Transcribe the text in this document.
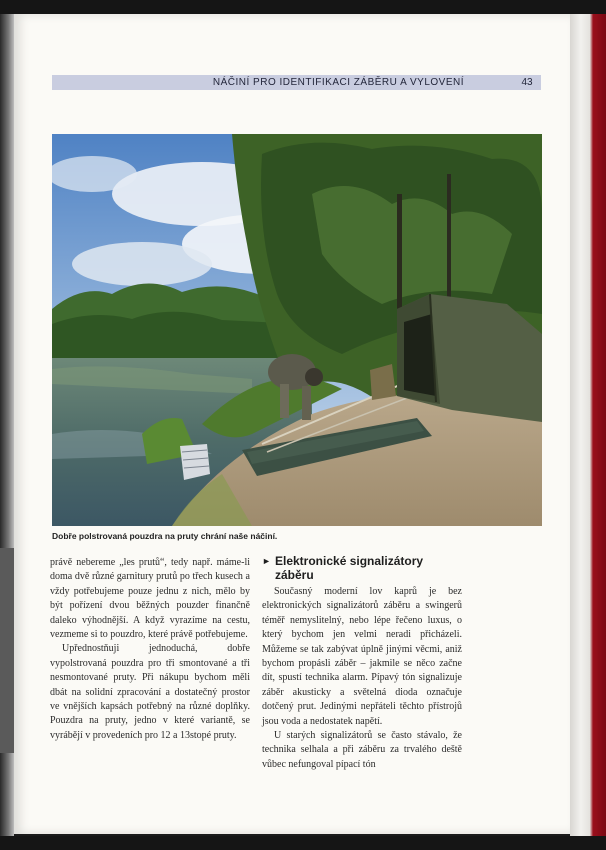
NÁČINÍ PRO IDENTIFIKACI ZÁBĚRU A VYLOVENÍ	43
Dobře polstrovaná pouzdra na pruty chrání naše náčiní.

právě nebereme „les prutů“, tedy např. máme-li doma dvě různé garnitury prutů po třech kusech a vždy potřebujeme pouze jednu z nich, mělo by být pořízení dvou běžných pouzder finančně daleko výhodnější. A když vyrazíme na cestu, vezmeme si to pouzdro, které právě potřebujeme.

Upřednostňuji jednoduchá, dobře vypolstrovaná pouzdra pro tři smontované a tři nesmontované pruty. Při nákupu bychom měli dbát na solidní zpracování a dostatečný prostor ve vnějších kapsách potřebný na různé doplňky. Pouzdra na pruty, jedno v které variantě, se vyrábějí v provedeních pro 12 a 13stopé pruty.

► Elektronické signalizátory záběru

Současný moderní lov kaprů je bez elektronických signalizátorů záběru a swingerů téměř nemyslitelný, nebo lépe řečeno luxus, o který bychom jen velmi neradi přicházeli. Můžeme se tak zabývat úplně jinými věcmi, aniž bychom propásli záběr – jakmile se něco začne dít, spustí technika alarm. Pípavý tón signalizuje záběr akusticky a světelná dioda označuje dotčený prut. Jedinými nepřáteli těchto přístrojů jsou voda a nedostatek napětí.

U starých signalizátorů se často stávalo, že technika selhala a při záběru za trvalého deště vůbec nefungoval pípací tón
